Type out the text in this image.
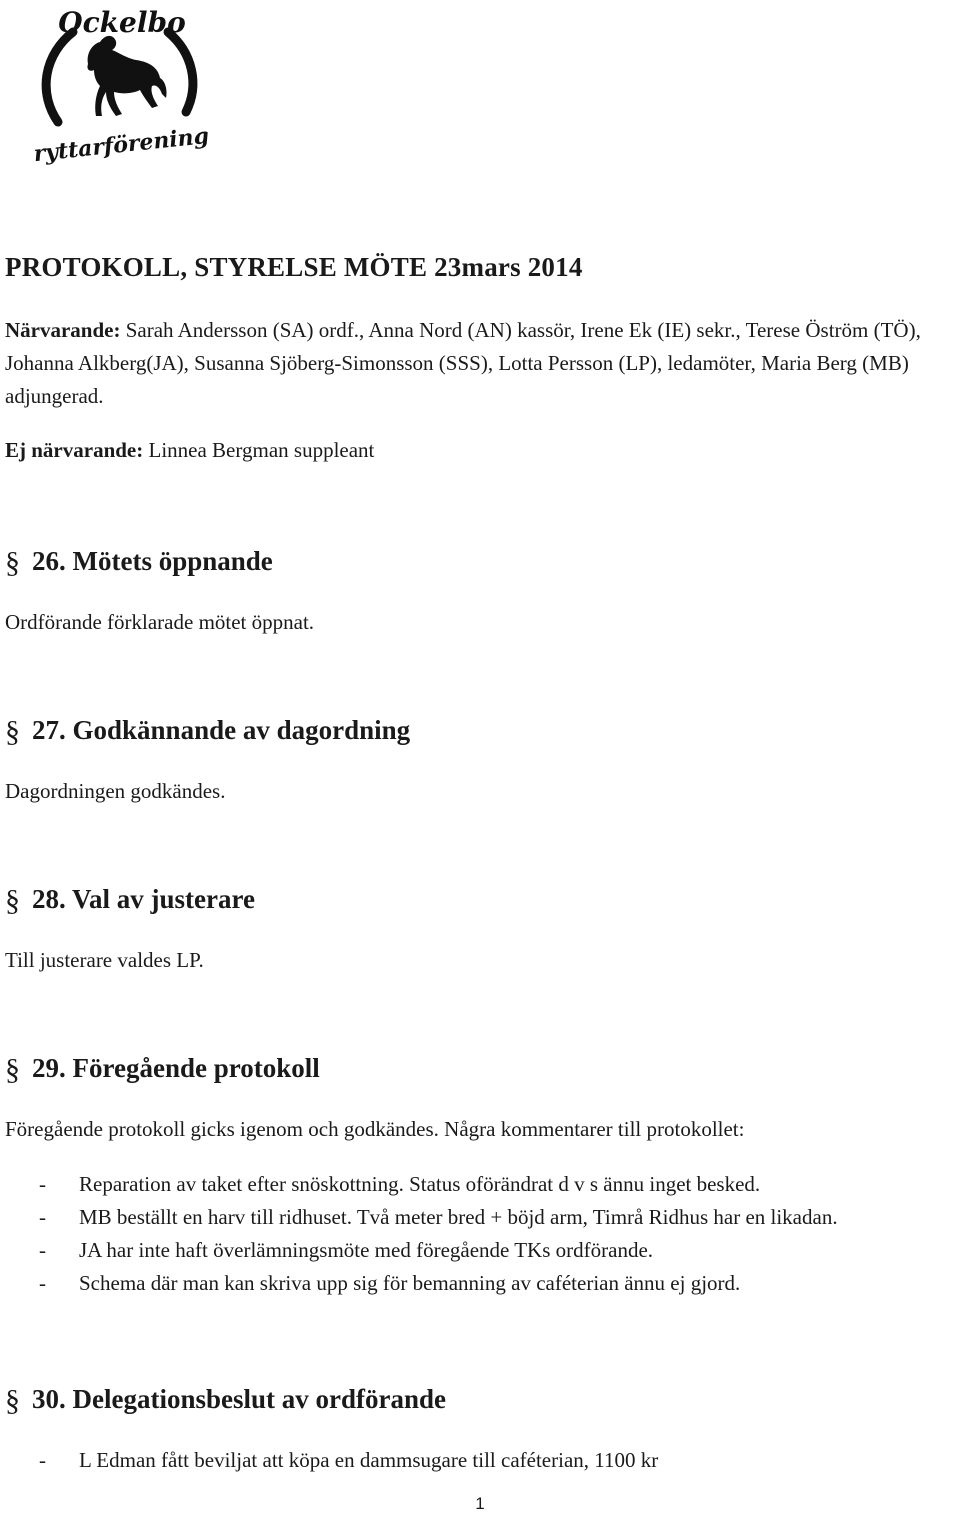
Ockelbo
ryttarförening
PROTOKOLL, STYRELSE MÖTE 23mars 2014

Närvarande: Sarah Andersson (SA) ordf., Anna Nord (AN) kassör, Irene Ek (IE) sekr., Terese Öström (TÖ), Johanna Alkberg(JA), Susanna Sjöberg-Simonsson (SSS), Lotta Persson (LP), ledamöter, Maria Berg (MB) adjungerad.

Ej närvarande: Linnea Bergman suppleant

§ 26. Mötets öppnande

Ordförande förklarade mötet öppnat.

§ 27. Godkännande av dagordning

Dagordningen godkändes.

§ 28. Val av justerare

Till justerare valdes LP.

§ 29. Föregående protokoll

Föregående protokoll gicks igenom och godkändes. Några kommentarer till protokollet:

- Reparation av taket efter snöskottning. Status oförändrat d v s ännu inget besked.
- MB beställt en harv till ridhuset. Två meter bred + böjd arm, Timrå Ridhus har en likadan.
- JA har inte haft överlämningsmöte med föregående TKs ordförande.
- Schema där man kan skriva upp sig för bemanning av caféterian ännu ej gjord.
§ 30. Delegationsbeslut av ordförande
- L Edman fått beviljat att köpa en dammsugare till caféterian, 1100 kr
1
